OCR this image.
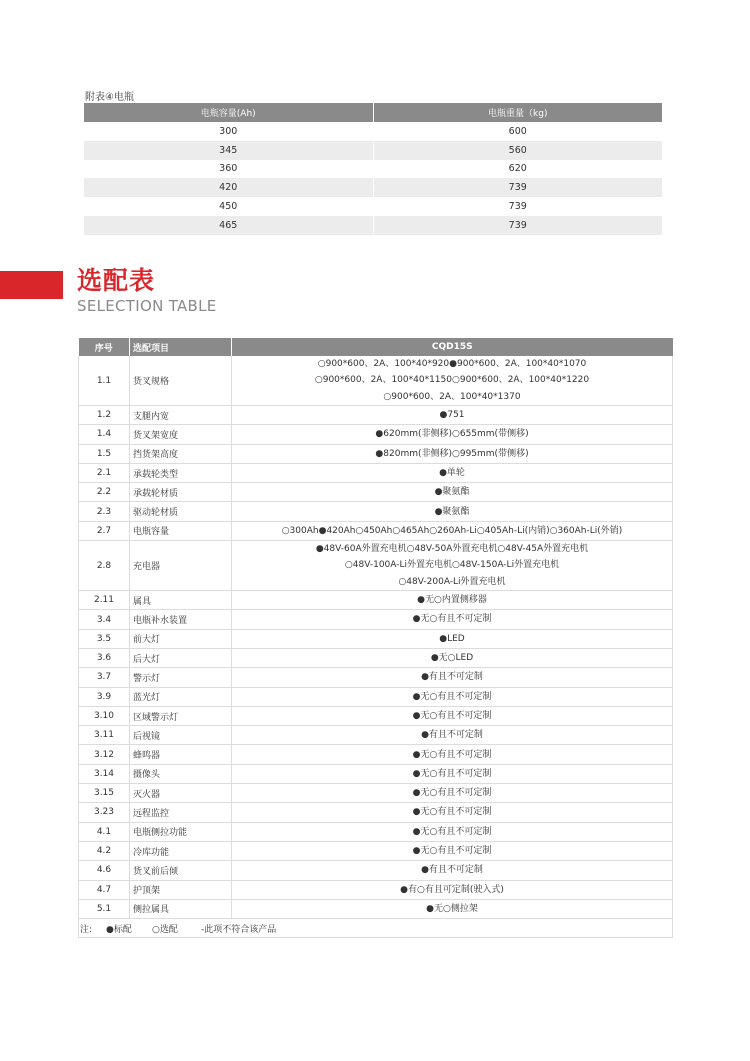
附表④电瓶
电瓶容量(Ah)	电瓶重量（kg)
300	600
345	560
360	620
420	739
450	739
465	739
选配表
SELECTION TABLE
序号	选配项目	CQD15S
1.1	货叉规格	○900*600、2A、100*40*920●900*600、2A、100*40*1070
○900*600、2A、100*40*1150○900*600、2A、100*40*1220
○900*600、2A、100*40*1370

1.2	支腿内宽	●751

1.4	货叉架宽度	●620mm(非侧移)○655mm(带侧移)

1.5	挡货架高度	●820mm(非侧移)○995mm(带侧移)

2.1	承载轮类型	●单轮

2.2	承载轮材质	●聚氨酯

2.3	驱动轮材质	●聚氨酯

2.7	电瓶容量	○300Ah●420Ah○450Ah○465Ah○260Ah-Li○405Ah-Li(内销)○360Ah-Li(外销)

2.8	充电器	●48V-60A外置充电机○48V-50A外置充电机○48V-45A外置充电机
○48V-100A-Li外置充电机○48V-150A-Li外置充电机
○48V-200A-Li外置充电机

2.11	属具	●无○内置侧移器

3.4	电瓶补水装置	●无○有且不可定制

3.5	前大灯	●LED

3.6	后大灯	●无○LED

3.7	警示灯	●有且不可定制

3.9	蓝光灯	●无○有且不可定制

3.10	区域警示灯	●无○有且不可定制

3.11	后视镜	●有且不可定制

3.12	蜂鸣器	●无○有且不可定制

3.14	摄像头	●无○有且不可定制

3.15	灭火器	●无○有且不可定制

3.23	远程监控	●无○有且不可定制

4.1	电瓶侧拉功能	●无○有且不可定制

4.2	冷库功能	●无○有且不可定制

4.6	货叉前后倾	●有且不可定制

4.7	护顶架	●有○有且可定制(驶入式)

5.1	侧拉属具	●无○侧拉架

注: ●标配 ○选配 -此项不符合该产品		
